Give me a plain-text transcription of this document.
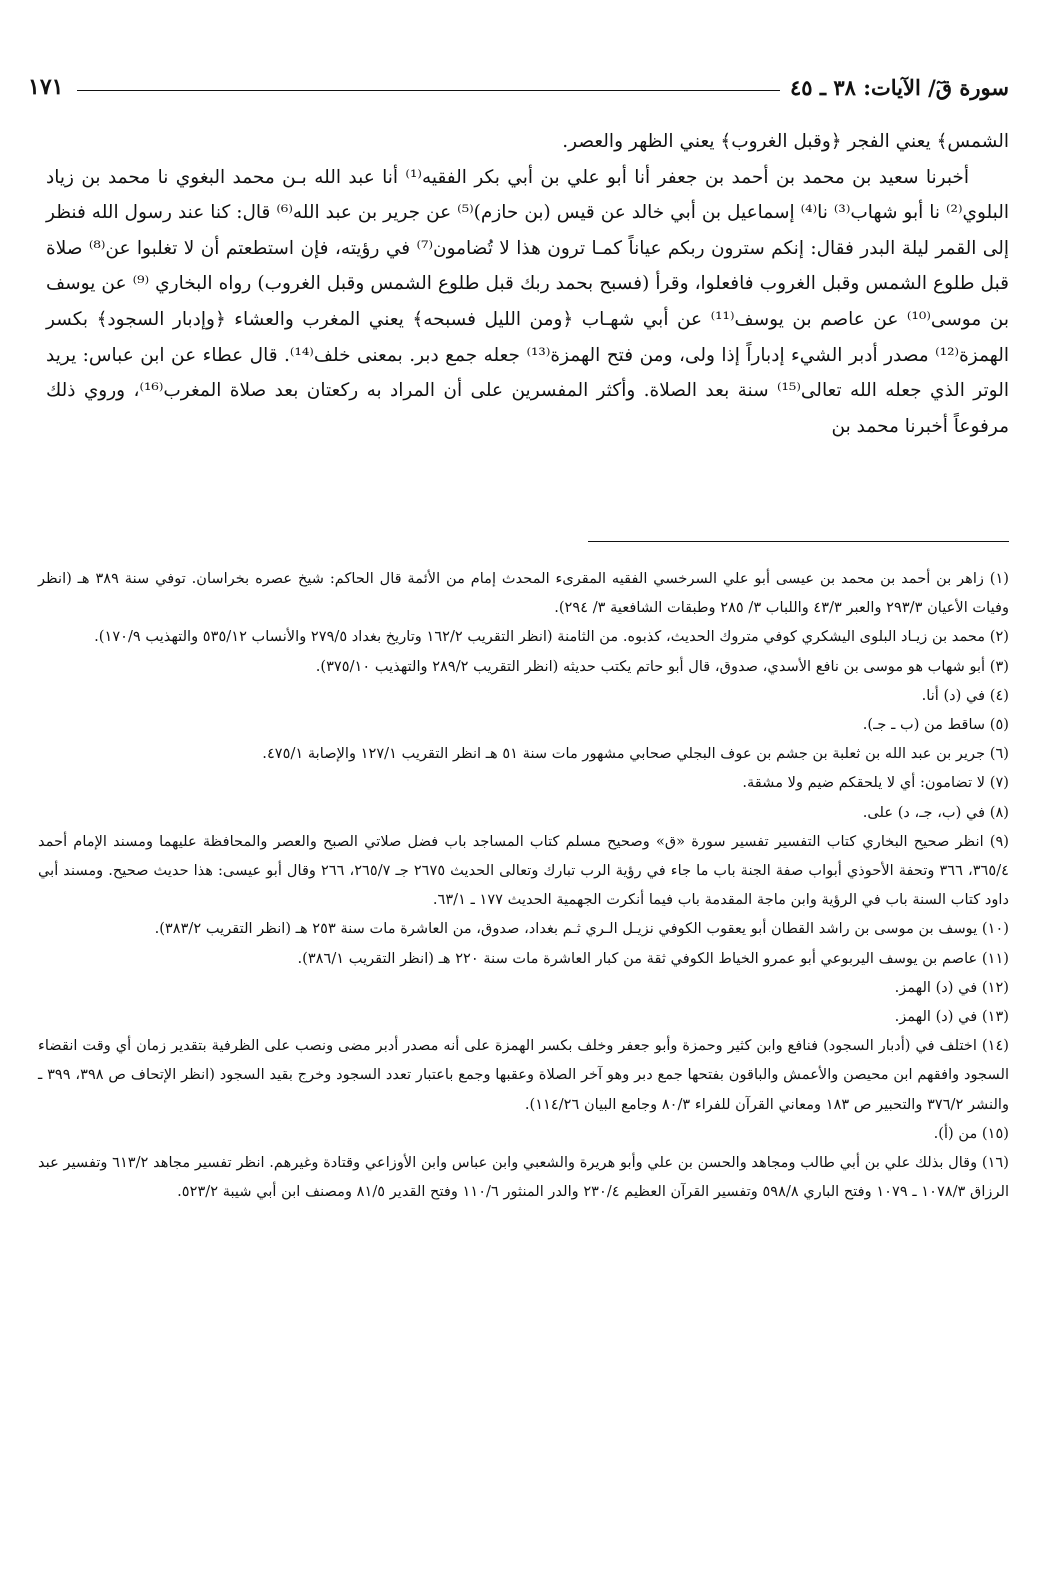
١٧١	سورة قٓ/ الآيات: ٣٨ ـ ٤٥

الشمس﴾ يعني الفجر ﴿وقبل الغروب﴾ يعني الظهر والعصر.

أخبرنا سعيد بن محمد بن أحمد بن جعفر أنا أبو علي بن أبي بكر الفقيه⁽¹⁾ أنا عبد الله بـن محمد البغوي نا محمد بن زياد البلوي⁽²⁾ نا أبو شهاب⁽³⁾ نا⁽⁴⁾ إسماعيل بن أبي خالد عن قيس (بن حازم)⁽⁵⁾ عن جرير بن عبد الله⁽⁶⁾ قال: كنا عند رسول الله فنظر إلى القمر ليلة البدر فقال: إنكم سترون ربكم عياناً كمـا ترون هذا لا تُضامون⁽⁷⁾ في رؤيته، فإن استطعتم أن لا تغلبوا عن⁽⁸⁾ صلاة قبل طلوع الشمس وقبل الغروب فافعلوا، وقرأ (فسبح بحمد ربك قبل طلوع الشمس وقبل الغروب) رواه البخاري ⁽⁹⁾ عن يوسف بن موسى⁽¹⁰⁾ عن عاصم بن يوسف⁽¹¹⁾ عن أبي شهـاب ﴿ومن الليل فسبحه﴾ يعني المغرب والعشاء ﴿وإدبار السجود﴾ بكسر الهمزة⁽¹²⁾ مصدر أدبر الشيء إدباراً إذا ولى، ومن فتح الهمزة⁽¹³⁾ جعله جمع دبر. بمعنى خلف⁽¹⁴⁾. قال عطاء عن ابن عباس: يريد الوتر الذي جعله الله تعالى⁽¹⁵⁾ سنة بعد الصلاة. وأكثر المفسرين على أن المراد به ركعتان بعد صلاة المغرب⁽¹⁶⁾، وروي ذلك مرفوعاً أخبرنا محمد بن

(١) زاهر بن أحمد بن محمد بن عيسى أبو علي السرخسي الفقيه المقرىء المحدث إمام من الأئمة قال الحاكم: شيخ عصره بخراسان. توفي سنة ٣٨٩ هـ (انظر وفيات الأعيان ٢٩٣/٣ والعبر ٤٣/٣ واللباب ٣/ ٢٨٥ وطبقات الشافعية ٣/ ٢٩٤).

(٢) محمد بن زيـاد البلوى اليشكري كوفي متروك الحديث، كذبوه. من الثامنة (انظر التقريب ١٦٢/٢ وتاريخ بغداد ٢٧٩/٥ والأنساب ٥٣٥/١٢ والتهذيب ١٧٠/٩).

(٣) أبو شهاب هو موسى بن نافع الأسدي، صدوق، قال أبو حاتم يكتب حديثه (انظر التقريب ٢٨٩/٢ والتهذيب ٣٧٥/١٠).

(٤) في (د) أنا.

(٥) ساقط من (ب ـ جـ).

(٦) جرير بن عبد الله بن ثعلبة بن جشم بن عوف البجلي صحابي مشهور مات سنة ٥١ هـ انظر التقريب ١٢٧/١ والإصابة ٤٧٥/١.

(٧) لا تضامون: أي لا يلحقكم ضيم ولا مشقة.

(٨) في (ب، جـ، د) على.

(٩) انظر صحيح البخاري كتاب التفسير تفسير سورة «ق» وصحيح مسلم كتاب المساجد باب فضل صلاتي الصبح والعصر والمحافظة عليهما ومسند الإمام أحمد ٣٦٥/٤، ٣٦٦ وتحفة الأحوذي أبواب صفة الجنة باب ما جاء في رؤية الرب تبارك وتعالى الحديث ٢٦٧٥ جـ ٢٦٥/٧، ٢٦٦ وقال أبو عيسى: هذا حديث صحيح. ومسند أبي داود كتاب السنة باب في الرؤية وابن ماجة المقدمة باب فيما أنكرت الجهمية الحديث ١٧٧ ـ ٦٣/١.

(١٠) يوسف بن موسى بن راشد القطان أبو يعقوب الكوفي نزيـل الـري ثـم بغداد، صدوق، من العاشرة مات سنة ٢٥٣ هـ (انظر التقريب ٣٨٣/٢).

(١١) عاصم بن يوسف اليربوعي أبو عمرو الخياط الكوفي ثقة من كبار العاشرة مات سنة ٢٢٠ هـ (انظر التقريب ٣٨٦/١).

(١٢) في (د) الهمز.

(١٣) في (د) الهمز.

(١٤) اختلف في (أدبار السجود) فنافع وابن كثير وحمزة وأبو جعفر وخلف بكسر الهمزة على أنه مصدر أدبر مضى ونصب على الظرفية بتقدير زمان أي وقت انقضاء السجود وافقهم ابن محيصن والأعمش والباقون بفتحها جمع دبر وهو آخر الصلاة وعقبها وجمع باعتبار تعدد السجود وخرج بقيد السجود (انظر الإتحاف ص ٣٩٨، ٣٩٩ ـ والنشر ٣٧٦/٢ والتحبير ص ١٨٣ ومعاني القرآن للفراء ٨٠/٣ وجامع البيان ١١٤/٢٦).

(١٥) من (أ).

(١٦) وقال بذلك علي بن أبي طالب ومجاهد والحسن بن علي وأبو هريرة والشعبي وابن عباس وابن الأوزاعي وقتادة وغيرهم. انظر تفسير مجاهد ٦١٣/٢ وتفسير عبد الرزاق ١٠٧٨/٣ ـ ١٠٧٩ وفتح الباري ٥٩٨/٨ وتفسير القرآن العظيم ٢٣٠/٤ والدر المنثور ١١٠/٦ وفتح القدير ٨١/٥ ومصنف ابن أبي شيبة ٥٢٣/٢.
